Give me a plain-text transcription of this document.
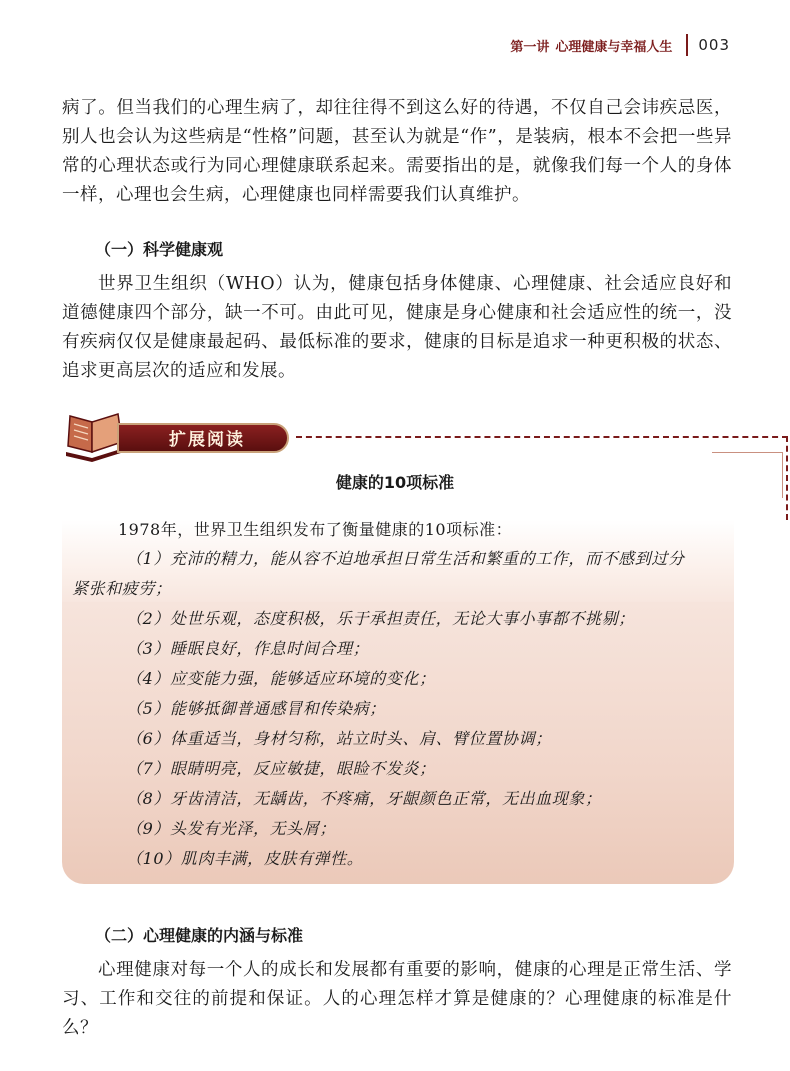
第一讲 心理健康与幸福人生 003
病了。但当我们的心理生病了，却往往得不到这么好的待遇，不仅自己会讳疾忌医，别人也会认为这些病是“性格”问题，甚至认为就是“作”，是装病，根本不会把一些异常的心理状态或行为同心理健康联系起来。需要指出的是，就像我们每一个人的身体一样，心理也会生病，心理健康也同样需要我们认真维护。
（一）科学健康观
世界卫生组织（WHO）认为，健康包括身体健康、心理健康、社会适应良好和道德健康四个部分，缺一不可。由此可见，健康是身心健康和社会适应性的统一，没有疾病仅仅是健康最起码、最低标准的要求，健康的目标是追求一种更积极的状态、追求更高层次的适应和发展。
扩展阅读
健康的10项标准
1978年，世界卫生组织发布了衡量健康的10项标准：
（1）充沛的精力，能从容不迫地承担日常生活和繁重的工作，而不感到过分
紧张和疲劳；
（2）处世乐观，态度积极，乐于承担责任，无论大事小事都不挑剔；
（3）睡眠良好，作息时间合理；
（4）应变能力强，能够适应环境的变化；
（5）能够抵御普通感冒和传染病；
（6）体重适当，身材匀称，站立时头、肩、臂位置协调；
（7）眼睛明亮，反应敏捷，眼睑不发炎；
（8）牙齿清洁，无龋齿，不疼痛，牙龈颜色正常，无出血现象；
（9）头发有光泽，无头屑；
（10）肌肉丰满，皮肤有弹性。
（二）心理健康的内涵与标准
心理健康对每一个人的成长和发展都有重要的影响，健康的心理是正常生活、学习、工作和交往的前提和保证。人的心理怎样才算是健康的？心理健康的标准是什么？
